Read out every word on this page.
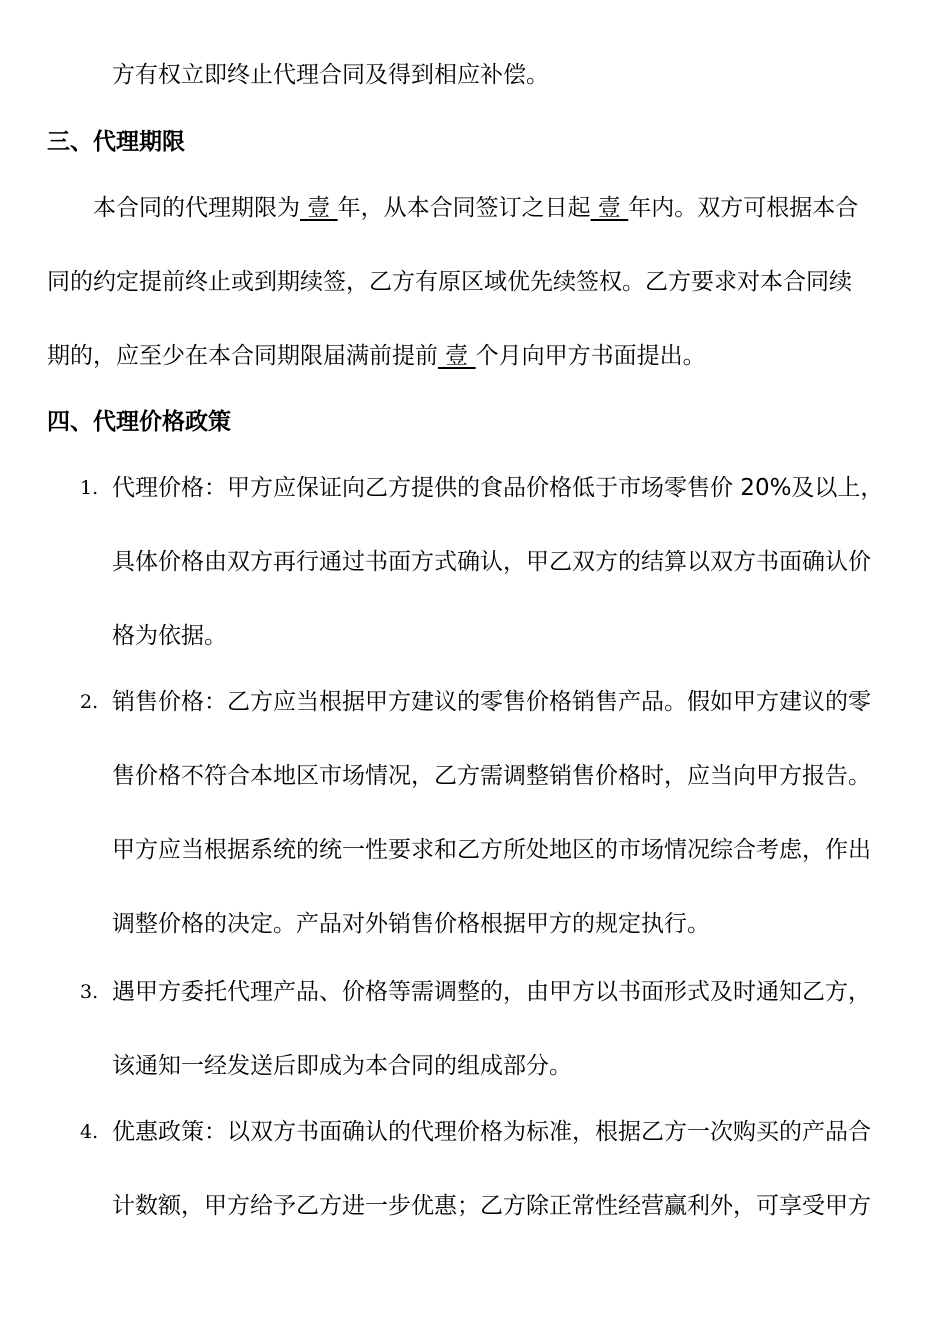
方有权立即终止代理合同及得到相应补偿。
三、代理期限
本合同的代理期限为 壹 年，从本合同签订之日起 壹 年内。双方可根据本合
同的约定提前终止或到期续签，乙方有原区域优先续签权。乙方要求对本合同续
期的，应至少在本合同期限届满前提前 壹 个月向甲方书面提出。
四、代理价格政策
1. 代理价格：甲方应保证向乙方提供的食品价格低于市场零售价 20%及以上，
具体价格由双方再行通过书面方式确认，甲乙双方的结算以双方书面确认价
格为依据。
2. 销售价格：乙方应当根据甲方建议的零售价格销售产品。假如甲方建议的零
售价格不符合本地区市场情况，乙方需调整销售价格时，应当向甲方报告。
甲方应当根据系统的统一性要求和乙方所处地区的市场情况综合考虑，作出
调整价格的决定。产品对外销售价格根据甲方的规定执行。
3. 遇甲方委托代理产品、价格等需调整的，由甲方以书面形式及时通知乙方，
该通知一经发送后即成为本合同的组成部分。
4. 优惠政策：以双方书面确认的代理价格为标准，根据乙方一次购买的产品合
计数额，甲方给予乙方进一步优惠；乙方除正常性经营赢利外，可享受甲方
